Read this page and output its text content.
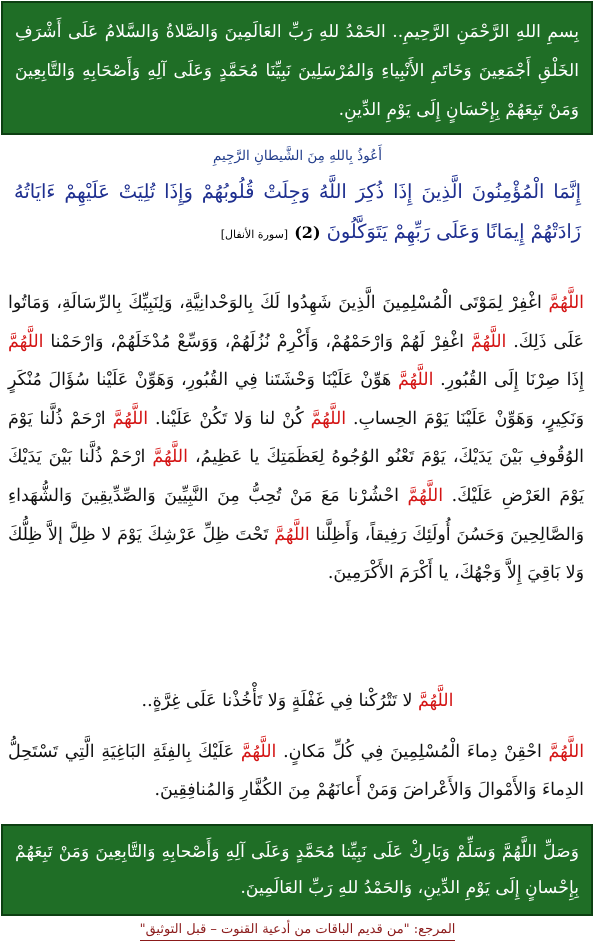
بِسمِ اللهِ الرَّحْمَنِ الرَّحِيمِ.. الحَمْدُ للهِ رَبِّ العَالَمِينَ وَالصَّلاةُ وَالسَّلامُ عَلَى أَشْرَفِ الخَلْقِ أَجْمَعِينَ وَخَاتَمِ الأَنْبِياءِ وَالمُرْسَلِينَ نَبِيِّنَا مُحَمَّدٍ وَعَلَى آلِهِ وَأَصْحَابِهِ وَالتَّابِعِينَ وَمَنْ تَبِعَهُمْ بِإِحْسَانٍ إِلَى يَوْمِ الدِّينِ.
أَعُوذُ بِاللهِ مِنَ الشَّيطانِ الرَّجِيمِ
إِنَّمَا الْمُؤْمِنُونَ الَّذِينَ إِذَا ذُكِرَ اللَّهُ وَجِلَتْ قُلُوبُهُمْ وَإِذَا تُلِيَتْ عَلَيْهِمْ ءَايَاتُهُ زَادَتْهُمْ إِيمَانًا وَعَلَى رَبِّهِمْ يَتَوَكَّلُونَ (2) [سورة الأنفال]
اللَّهُمَّ اغْفِرْ لِمَوْتَى الْمُسْلِمِينَ الَّذِينَ شَهِدُوا لَكَ بِالوَحْدانِيَّةِ، وَلِنَبِيِّكَ بِالرِّسَالَةِ، وَمَاتُوا عَلَى ذَلِكَ. اللَّهُمَّ اغْفِرْ لَهُمْ وَارْحَمْهُمْ، وَأَكْرِمْ نُزُلَهُمْ، وَوَسِّعْ مُدْخَلَهُمْ، وَارْحَمْنا اللَّهُمَّ إِذَا صِرْنَا إِلَى القُبُورِ. اللَّهُمَّ هَوِّنْ عَلَيْنَا وَحْشَتَنا فِي القُبُورِ، وَهَوِّنْ عَلَيْنا سُؤَالَ مُنْكَرٍ وَنَكِيرٍ، وَهَوِّنْ عَلَيْنَا يَوْمَ الحِسابِ. اللَّهُمَّ كُنْ لنا وَلا تَكُنْ عَلَيْنا. اللَّهُمَّ ارْحَمْ ذُلَّنا يَوْمَ الوُقُوفِ بَيْنَ يَدَيْكَ، يَوْمَ تَعْنُو الوُجُوهُ لِعَظَمَتِكَ يا عَظِيمُ، اللَّهُمَّ ارْحَمْ ذُلَّنا بَيْنَ يَدَيْكَ يَوْمَ العَرْضِ عَلَيْكَ. اللَّهُمَّ احْشُرْنا مَعَ مَنْ تُحِبُّ مِنَ النَّبِيِّينَ وَالصِّدِّيقِينَ وَالشُّهَداءِ وَالصَّالِحِينَ وَحَسُنَ أُولَئِكَ رَفِيقاً، وَأَظِلَّنا اللَّهُمَّ تَحْتَ ظِلِّ عَرْشِكَ يَوْمَ لا ظِلَّ إلاَّ ظِلُّكَ وَلا بَاقِيَ إِلاَّ وَجْهُكَ، يا أَكْرَمَ الأَكْرَمِينَ.
اللَّهُمَّ لا تَتْرُكْنا فِي غَفْلَةٍ وَلا تَأْخُذْنا عَلَى غِرَّةٍ..
اللَّهُمَّ احْقِنْ دِماءَ الْمُسْلِمِينَ فِي كُلِّ مَكانٍ. اللَّهُمَّ عَلَيْكَ بِالفِئَةِ البَاغِيَةِ الَّتِي تَسْتَحِلُّ الدِماءَ وَالأَمْوالَ وَالأَعْراضَ وَمَنْ أَعانَهُمْ مِنَ الكُفَّارِ وَالمُنافِقِينَ.
وَصَلِّ اللَّهُمَّ وَسَلِّمْ وَبَارِكْ عَلَى نَبِيِّنا مُحَمَّدٍ وَعَلَى آلِهِ وَأَصْحابِهِ وَالتَّابِعِينَ وَمَنْ تَبِعَهُمْ بِإِحْسانٍ إِلَى يَوْمِ الدِّينِ، وَالحَمْدُ للهِ رَبِّ العَالَمِينَ.
المرجع: "من قديم الباقات من أدعية القنوت – قبل التوثيق"
